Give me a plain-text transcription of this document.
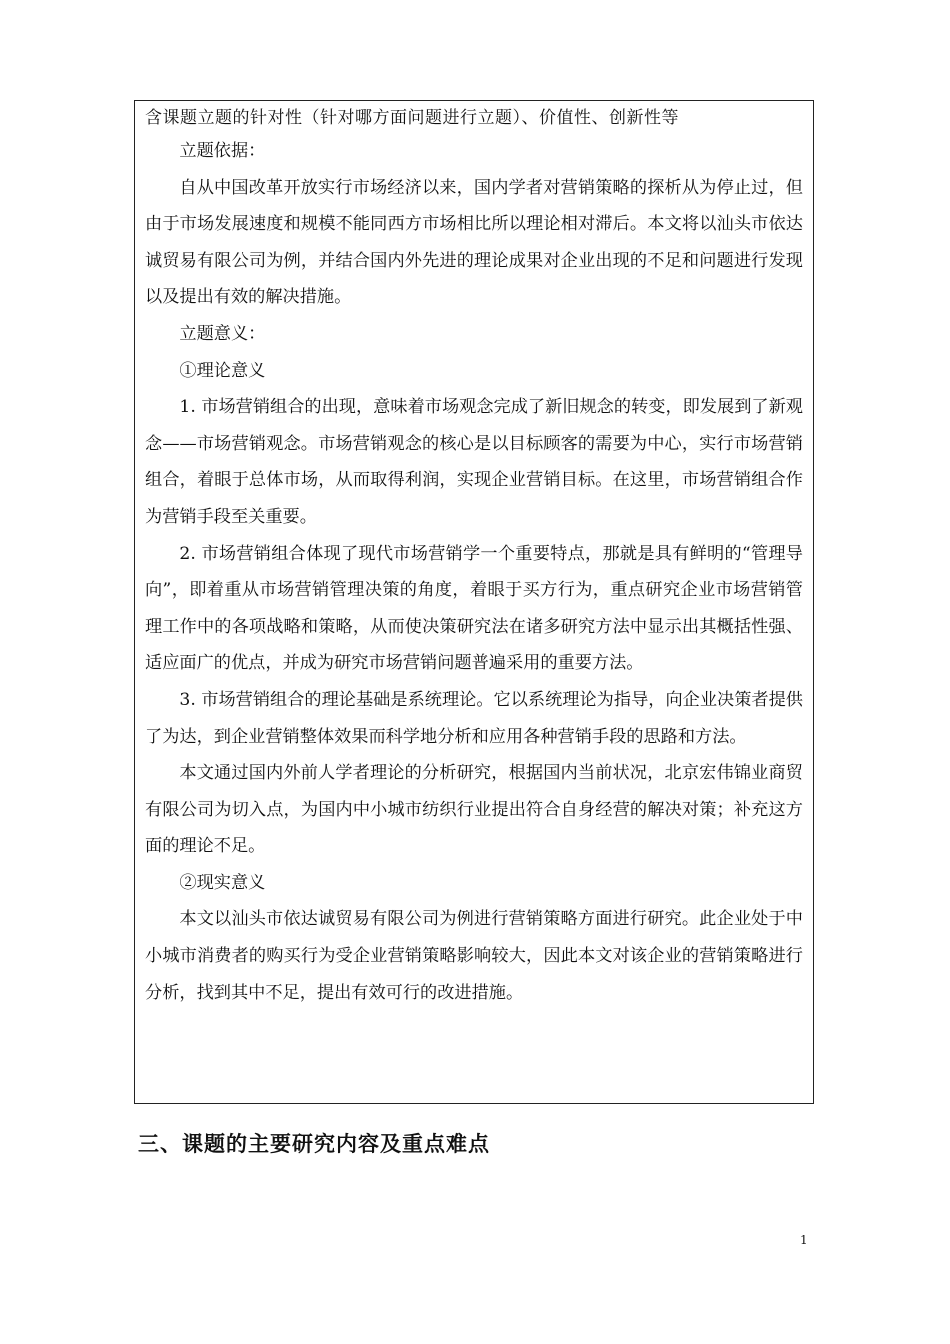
含课题立题的针对性（针对哪方面问题进行立题）、价值性、创新性等

立题依据：

自从中国改革开放实行市场经济以来，国内学者对营销策略的探析从为停止过，但由于市场发展速度和规模不能同西方市场相比所以理论相对滞后。本文将以汕头市依达诚贸易有限公司为例，并结合国内外先进的理论成果对企业出现的不足和问题进行发现以及提出有效的解决措施。

立题意义：

①理论意义

1. 市场营销组合的出现，意味着市场观念完成了新旧规念的转变，即发展到了新观念——市场营销观念。市场营销观念的核心是以目标顾客的需要为中心，实行市场营销组合，着眼于总体市场，从而取得利润，实现企业营销目标。在这里，市场营销组合作为营销手段至关重要。

2. 市场营销组合体现了现代市场营销学一个重要特点，那就是具有鲜明的“管理导向”，即着重从市场营销管理决策的角度，着眼于买方行为，重点研究企业市场营销管理工作中的各项战略和策略，从而使决策研究法在诸多研究方法中显示出其概括性强、适应面广的优点，并成为研究市场营销问题普遍采用的重要方法。

3. 市场营销组合的理论基础是系统理论。它以系统理论为指导，向企业决策者提供了为达，到企业营销整体效果而科学地分析和应用各种营销手段的思路和方法。

本文通过国内外前人学者理论的分析研究，根据国内当前状况，北京宏伟锦业商贸有限公司为切入点，为国内中小城市纺织行业提出符合自身经营的解决对策；补充这方面的理论不足。

②现实意义

本文以汕头市依达诚贸易有限公司为例进行营销策略方面进行研究。此企业处于中小城市消费者的购买行为受企业营销策略影响较大，因此本文对该企业的营销策略进行分析，找到其中不足，提出有效可行的改进措施。

三、课题的主要研究内容及重点难点
1
